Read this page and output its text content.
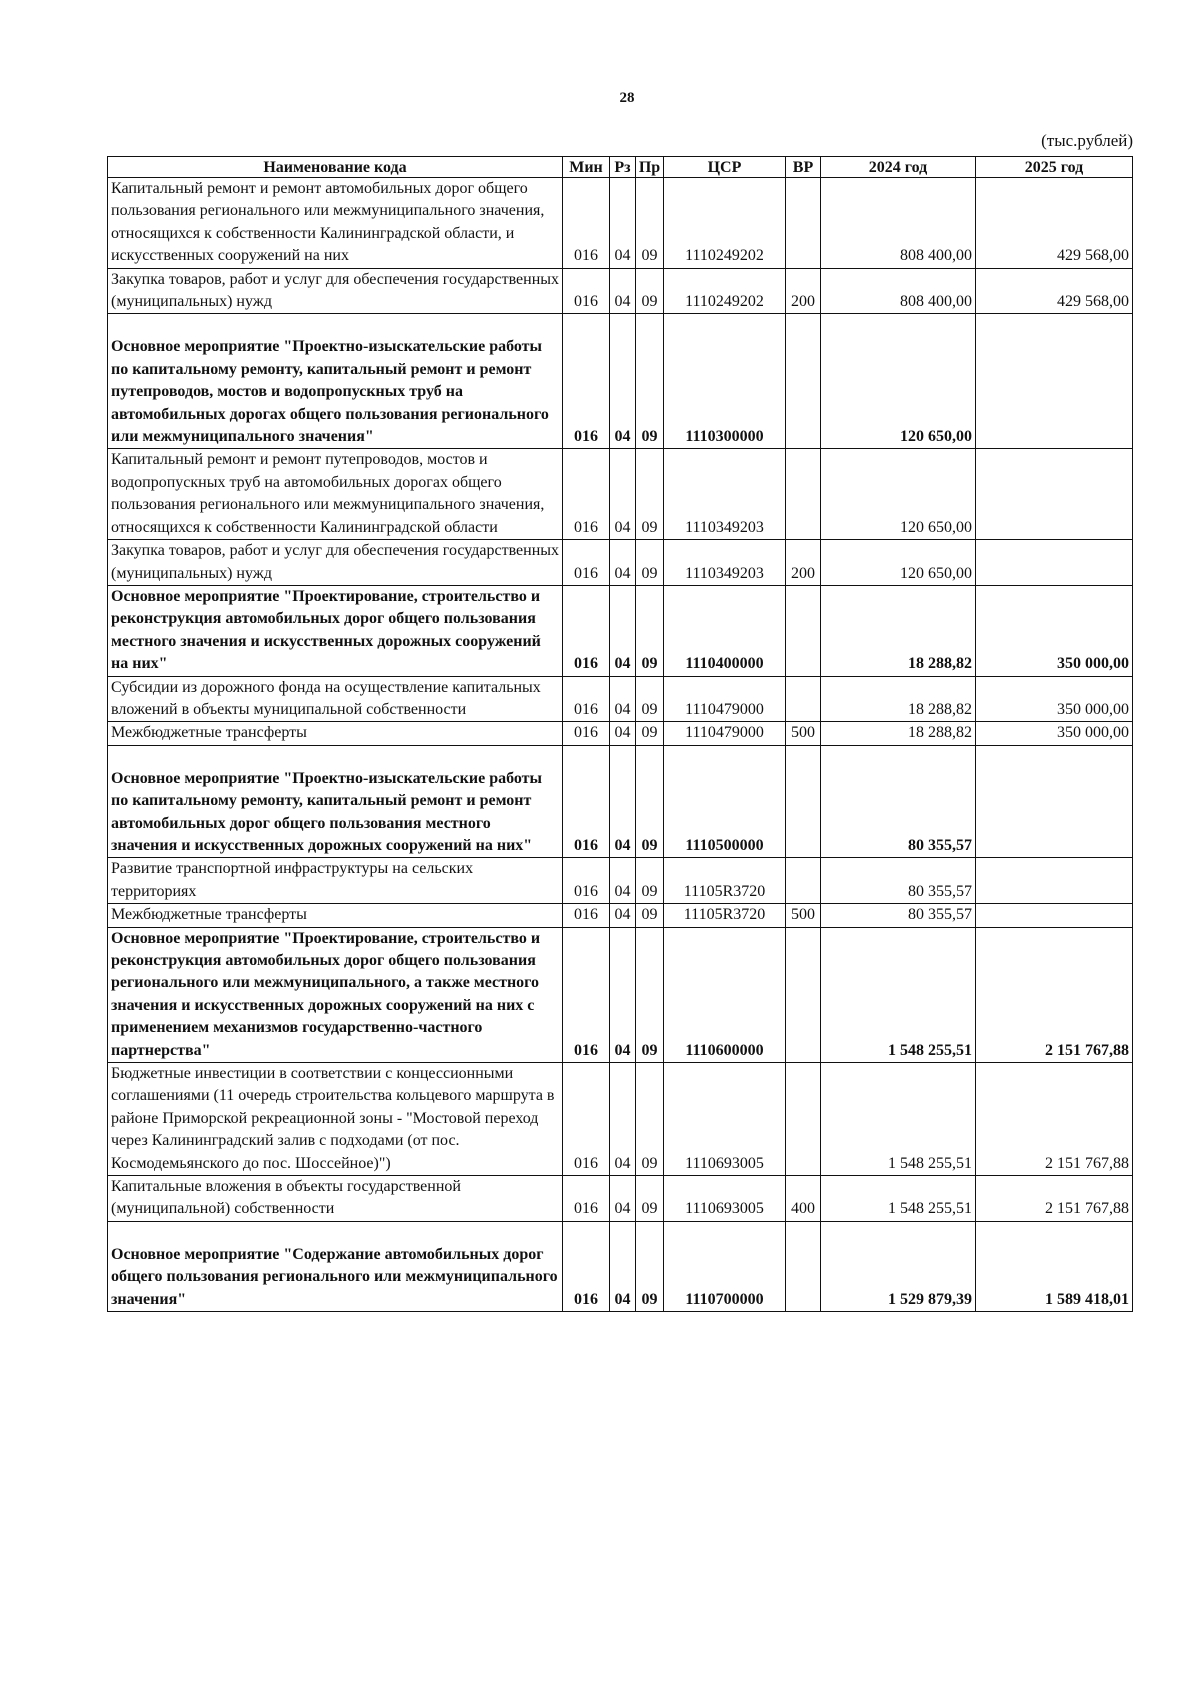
28
(тыс.рублей)
Наименование кода	Мин	Рз	Пр	ЦСР	ВР	2024 год	2025 год
Капитальный ремонт и ремонт автомобильных дорог общего пользования регионального или межмуниципального значения, относящихся к собственности Калининградской области, и искусственных сооружений на них	016	04	09	1110249202		808 400,00	429 568,00
Закупка товаров, работ и услуг для обеспечения государственных (муниципальных) нужд	016	04	09	1110249202	200	808 400,00	429 568,00
Основное мероприятие "Проектно-изыскательские работы по капитальному ремонту, капитальный ремонт и ремонт путепроводов, мостов и водопропускных труб на автомобильных дорогах общего пользования регионального или межмуниципального значения"	016	04	09	1110300000		120 650,00	
Капитальный ремонт и ремонт путепроводов, мостов и водопропускных труб на автомобильных дорогах общего пользования регионального или межмуниципального значения, относящихся к собственности Калининградской области	016	04	09	1110349203		120 650,00	
Закупка товаров, работ и услуг для обеспечения государственных (муниципальных) нужд	016	04	09	1110349203	200	120 650,00	
Основное мероприятие "Проектирование, строительство и реконструкция автомобильных дорог общего пользования местного значения и искусственных дорожных сооружений на них"	016	04	09	1110400000		18 288,82	350 000,00
Субсидии из дорожного фонда на осуществление капитальных вложений в объекты муниципальной собственности	016	04	09	1110479000		18 288,82	350 000,00
Межбюджетные трансферты	016	04	09	1110479000	500	18 288,82	350 000,00
Основное мероприятие "Проектно-изыскательские работы по капитальному ремонту, капитальный ремонт и ремонт автомобильных дорог общего пользования местного значения и искусственных дорожных сооружений на них"	016	04	09	1110500000		80 355,57	
Развитие транспортной инфраструктуры на сельских территориях	016	04	09	11105R3720		80 355,57	
Межбюджетные трансферты	016	04	09	11105R3720	500	80 355,57	
Основное мероприятие "Проектирование, строительство и реконструкция автомобильных дорог общего пользования регионального или межмуниципального, а также местного значения и искусственных дорожных сооружений на них с применением механизмов государственно-частного партнерства"	016	04	09	1110600000		1 548 255,51	2 151 767,88
Бюджетные инвестиции в соответствии с концессионными соглашениями (11 очередь строительства кольцевого маршрута в районе Приморской рекреационной зоны - "Мостовой переход через Калининградский залив с подходами (от пос. Космодемьянского до пос. Шоссейное)")	016	04	09	1110693005		1 548 255,51	2 151 767,88
Капитальные вложения в объекты государственной (муниципальной) собственности	016	04	09	1110693005	400	1 548 255,51	2 151 767,88
Основное мероприятие "Содержание автомобильных дорог общего пользования регионального или межмуниципального значения"	016	04	09	1110700000		1 529 879,39	1 589 418,01
